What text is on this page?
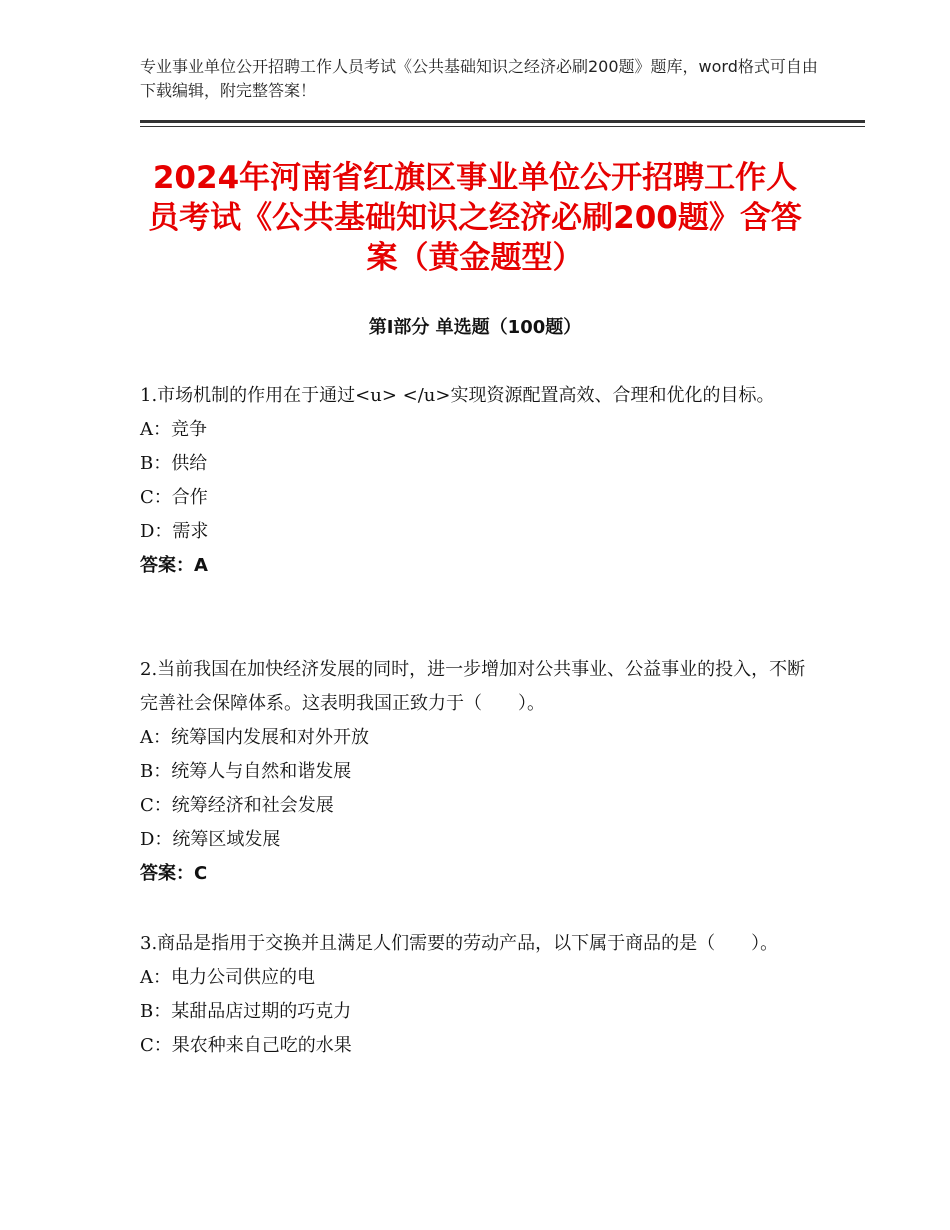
专业事业单位公开招聘工作人员考试《公共基础知识之经济必刷200题》题库，word格式可自由下载编辑，附完整答案！
2024年河南省红旗区事业单位公开招聘工作人员考试《公共基础知识之经济必刷200题》含答案（黄金题型）
第Ⅰ部分 单选题（100题）
1.市场机制的作用在于通过<u> </u>实现资源配置高效、合理和优化的目标。
A：竞争
B：供给
C：合作
D：需求
答案：A
2.当前我国在加快经济发展的同时，进一步增加对公共事业、公益事业的投入，不断完善社会保障体系。这表明我国正致力于（　　）。
A：统筹国内发展和对外开放
B：统筹人与自然和谐发展
C：统筹经济和社会发展
D：统筹区域发展
答案：C
3.商品是指用于交换并且满足人们需要的劳动产品，以下属于商品的是（　　）。
A：电力公司供应的电
B：某甜品店过期的巧克力
C：果农种来自己吃的水果
